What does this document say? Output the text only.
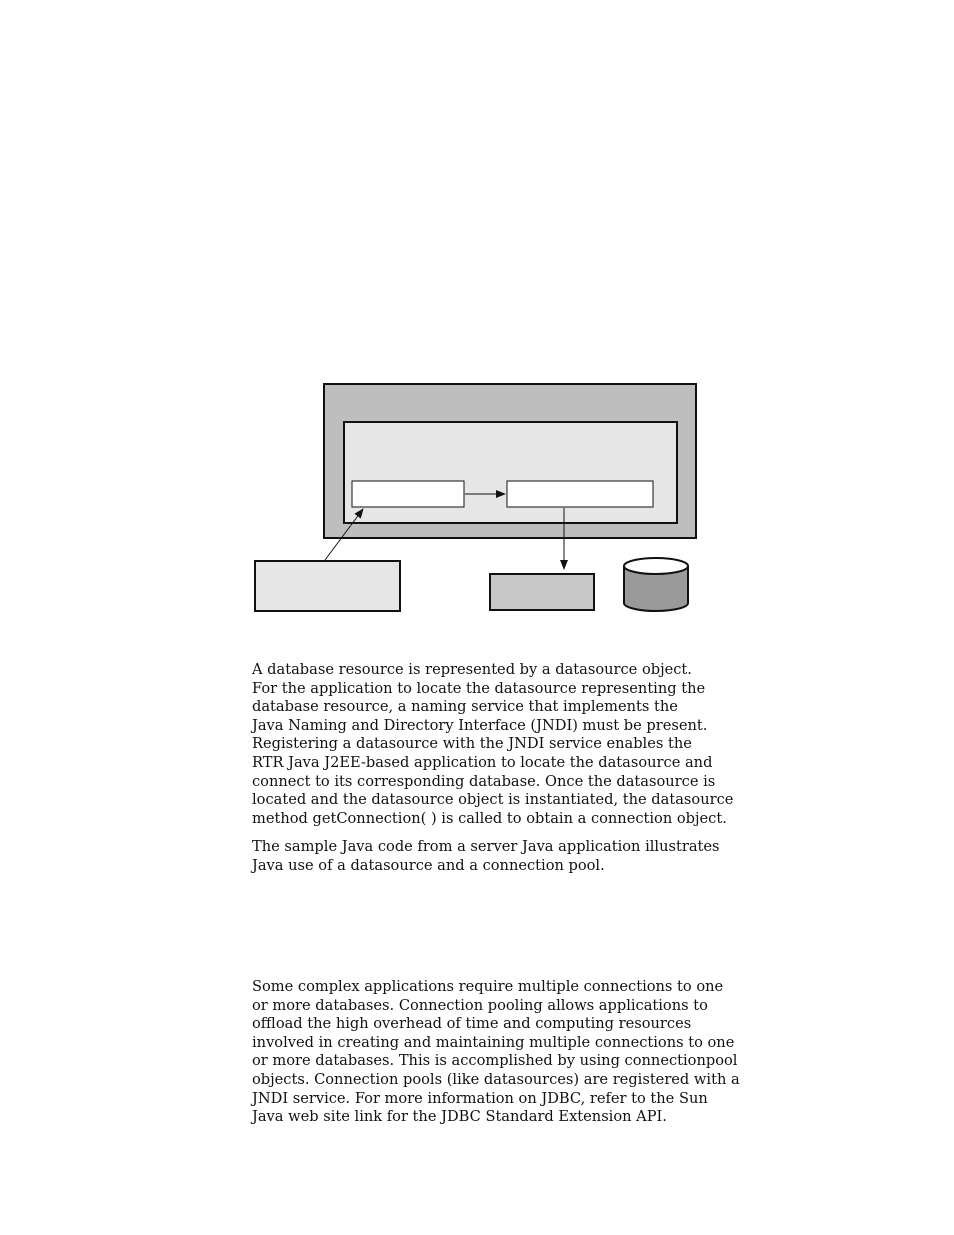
A database resource is represented by a datasource object.
For the application to locate the datasource representing the
database resource, a naming service that implements the
Java Naming and Directory Interface (JNDI) must be present.
Registering a datasource with the JNDI service enables the
RTR Java J2EE-based application to locate the datasource and
connect to its corresponding database. Once the datasource is
located and the datasource object is instantiated, the datasource
method getConnection( ) is called to obtain a connection object.
The sample Java code from a server Java application illustrates
Java use of a datasource and a connection pool.
Some complex applications require multiple connections to one
or more databases. Connection pooling allows applications to
offload the high overhead of time and computing resources
involved in creating and maintaining multiple connections to one
or more databases. This is accomplished by using connectionpool
objects. Connection pools (like datasources) are registered with a
JNDI service. For more information on JDBC, refer to the Sun
Java web site link for the JDBC Standard Extension API.
